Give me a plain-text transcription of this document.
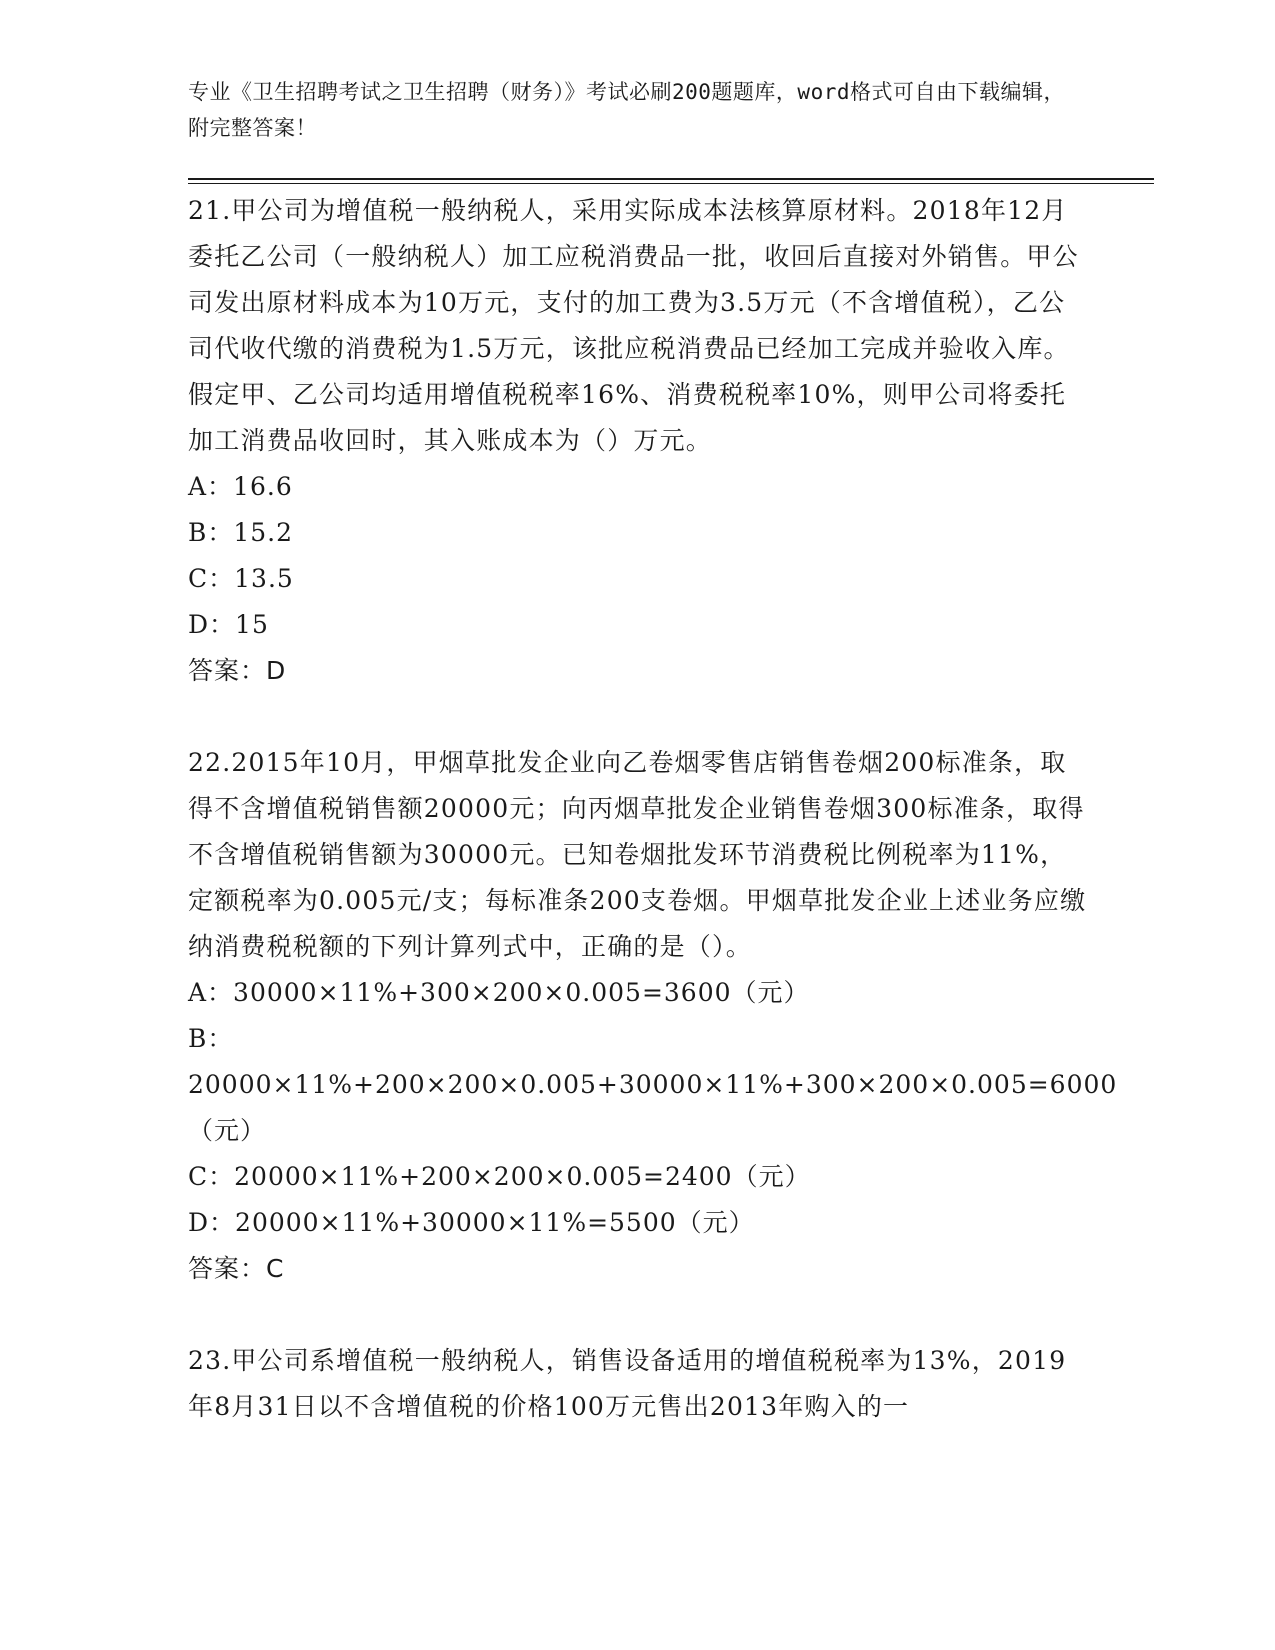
专业《卫生招聘考试之卫生招聘（财务）》考试必刷200题题库，word格式可自由下载编辑，附完整答案！

21.甲公司为增值税一般纳税人，采用实际成本法核算原材料。2018年12月委托乙公司（一般纳税人）加工应税消费品一批，收回后直接对外销售。甲公司发出原材料成本为10万元，支付的加工费为3.5万元（不含增值税），乙公司代收代缴的消费税为1.5万元，该批应税消费品已经加工完成并验收入库。假定甲、乙公司均适用增值税税率16%、消费税税率10%，则甲公司将委托加工消费品收回时，其入账成本为（）万元。

A：16.6

B：15.2

C：13.5

D：15

答案：D

22.2015年10月，甲烟草批发企业向乙卷烟零售店销售卷烟200标准条，取得不含增值税销售额20000元；向丙烟草批发企业销售卷烟300标准条，取得不含增值税销售额为30000元。已知卷烟批发环节消费税比例税率为11%，定额税率为0.005元/支；每标准条200支卷烟。甲烟草批发企业上述业务应缴纳消费税税额的下列计算列式中，正确的是（）。

A：30000×11%+300×200×0.005=3600（元）

B：20000×11%+200×200×0.005+30000×11%+300×200×0.005=6000（元）

C：20000×11%+200×200×0.005=2400（元）

D：20000×11%+30000×11%=5500（元）

答案：C

23.甲公司系增值税一般纳税人，销售设备适用的增值税税率为13%，2019年8月31日以不含增值税的价格100万元售出2013年购入的一
